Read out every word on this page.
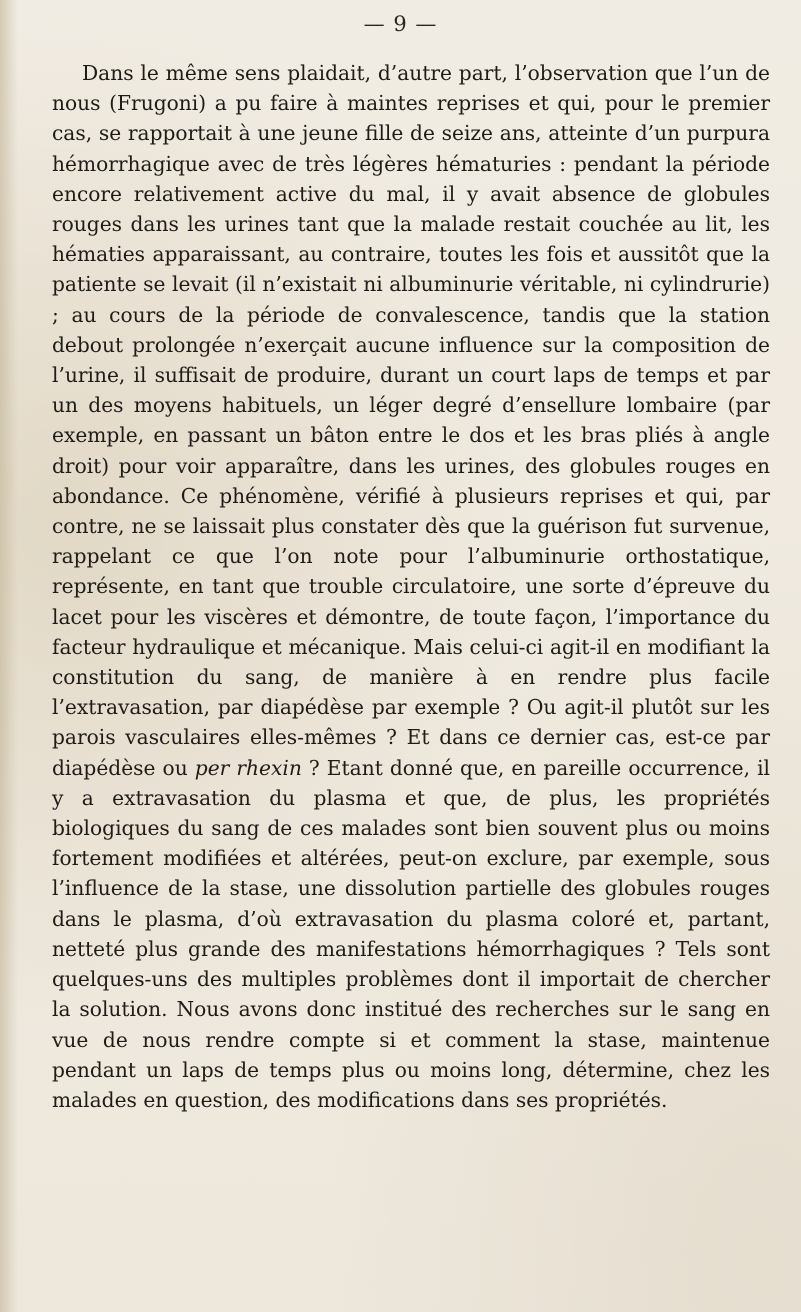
— 9 —

Dans le même sens plaidait, d’autre part, l’observation que l’un de nous (Frugoni) a pu faire à maintes reprises et qui, pour le premier cas, se rapportait à une jeune fille de seize ans, atteinte d’un purpura hémorrhagique avec de très légères hématuries : pendant la période encore relativement active du mal, il y avait absence de globules rouges dans les urines tant que la malade restait couchée au lit, les hématies apparaissant, au contraire, toutes les fois et aussitôt que la patiente se levait (il n’existait ni albuminurie véritable, ni cylindrurie) ; au cours de la période de convalescence, tandis que la station debout prolongée n’exerçait aucune influence sur la composition de l’urine, il suffisait de produire, durant un court laps de temps et par un des moyens habituels, un léger degré d’ensellure lombaire (par exemple, en passant un bâton entre le dos et les bras pliés à angle droit) pour voir apparaître, dans les urines, des globules rouges en abondance. Ce phénomène, vérifié à plusieurs reprises et qui, par contre, ne se laissait plus constater dès que la guérison fut survenue, rappelant ce que l’on note pour l’albuminurie orthostatique, représente, en tant que trouble circulatoire, une sorte d’épreuve du lacet pour les viscères et démontre, de toute façon, l’importance du facteur hydraulique et mécanique. Mais celui-ci agit-il en modifiant la constitution du sang, de manière à en rendre plus facile l’extravasation, par diapédèse par exemple ? Ou agit-il plutôt sur les parois vasculaires elles-mêmes ? Et dans ce dernier cas, est-ce par diapédèse ou per rhexin ? Etant donné que, en pareille occurrence, il y a extravasation du plasma et que, de plus, les propriétés biologiques du sang de ces malades sont bien souvent plus ou moins fortement modifiées et altérées, peut-on exclure, par exemple, sous l’influence de la stase, une dissolution partielle des globules rouges dans le plasma, d’où extravasation du plasma coloré et, partant, netteté plus grande des manifestations hémorrhagiques ? Tels sont quelques-uns des multiples problèmes dont il importait de chercher la solution. Nous avons donc institué des recherches sur le sang en vue de nous rendre compte si et comment la stase, maintenue pendant un laps de temps plus ou moins long, détermine, chez les malades en question, des modifications dans ses propriétés.
